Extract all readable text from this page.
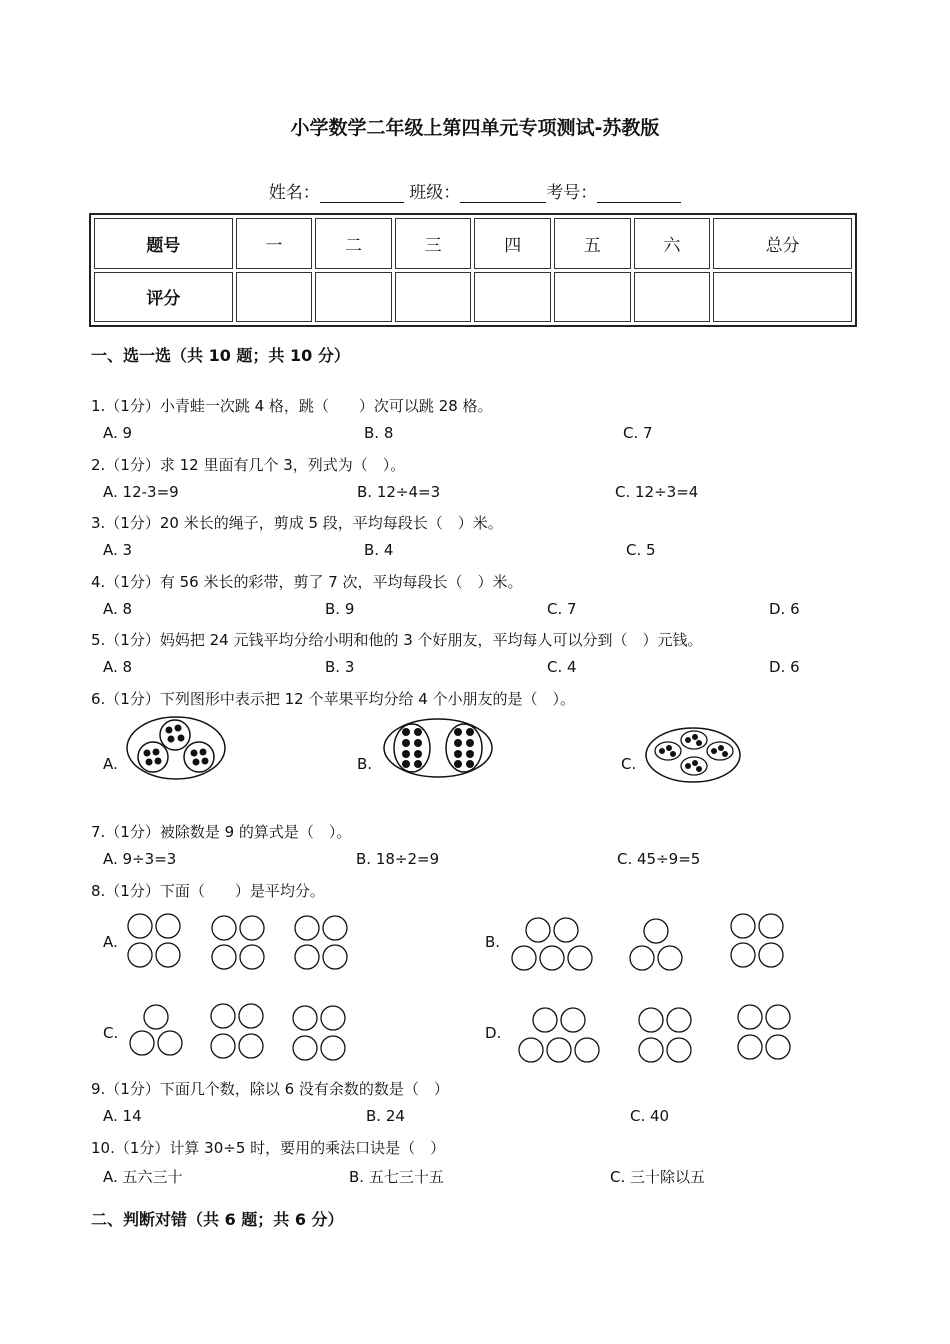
小学数学二年级上第四单元专项测试-苏教版
姓名：	班级：	考号：
题号	一	二	三	四	五	六	总分
评分							
一、选一选（共 10 题；共 10 分）
1.（1分）小青蛙一次跳 4 格，跳（　　）次可以跳 28 格。
A. 9	B. 8	C. 7
2.（1分）求 12 里面有几个 3，列式为（　）。
A. 12-3=9	B. 12÷4=3	C. 12÷3=4
3.（1分）20 米长的绳子，剪成 5 段，平均每段长（　）米。
A. 3	B. 4	C. 5
4.（1分）有 56 米长的彩带，剪了 7 次，平均每段长（　）米。
A. 8	B. 9	C. 7	D. 6
5.（1分）妈妈把 24 元钱平均分给小明和他的 3 个好朋友，平均每人可以分到（　）元钱。
A. 8	B. 3	C. 4	D. 6
6.（1分）下列图形中表示把 12 个苹果平均分给 4 个小朋友的是（　）。
A.	B.	C.
7.（1分）被除数是 9 的算式是（　）。
A. 9÷3=3	B. 18÷2=9	C. 45÷9=5
8.（1分）下面（　　）是平均分。
A.	B.
C.	D.
9.（1分）下面几个数，除以 6 没有余数的数是（　）
A. 14	B. 24	C. 40
10.（1分）计算 30÷5 时，要用的乘法口诀是（　）
A. 五六三十	B. 五七三十五	C. 三十除以五
二、判断对错（共 6 题；共 6 分）
